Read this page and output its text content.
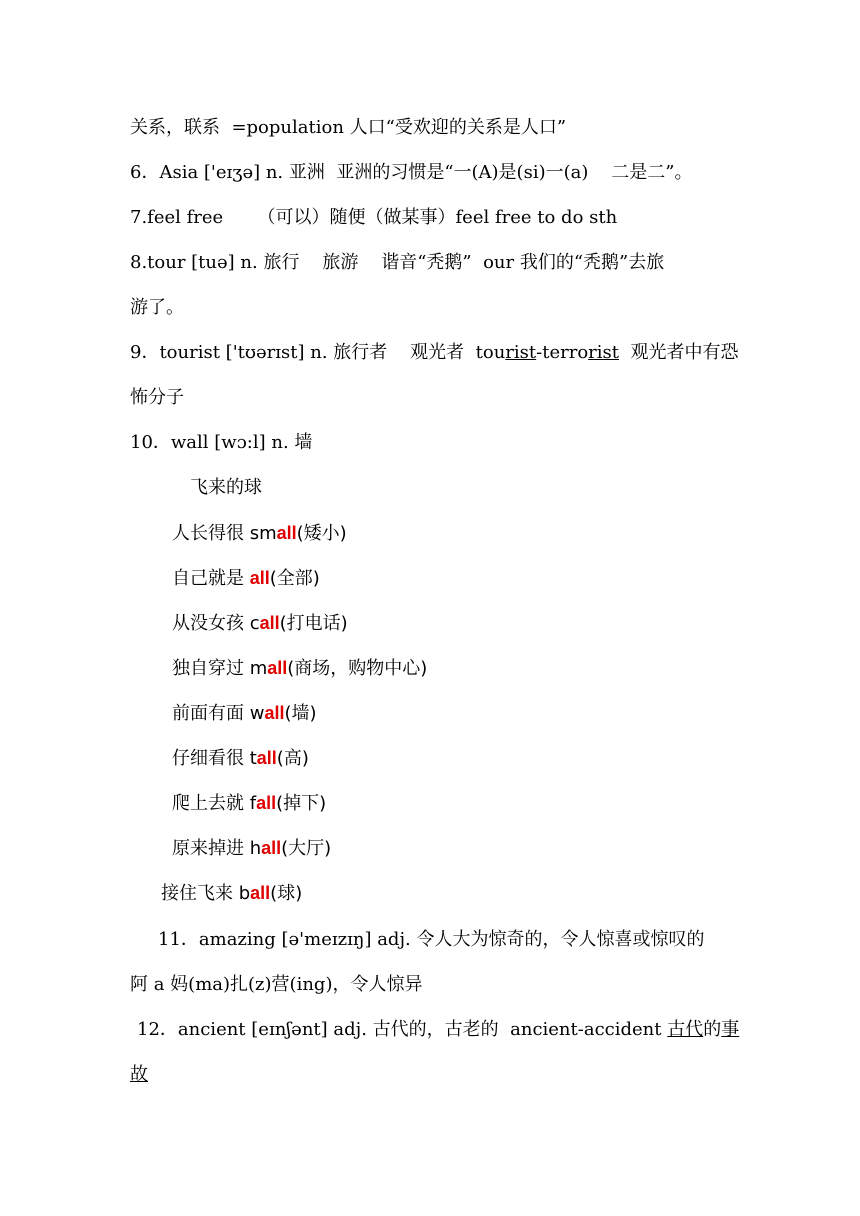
关系，联系  =population 人口“受欢迎的关系是人口”
6．Asia ['eɪʒə] n. 亚洲  亚洲的习惯是“一(A)是(si)一(a)    二是二”。
7.feel free      （可以）随便（做某事）feel free to do sth
8.tour [tuə] n. 旅行    旅游    谐音“秃鹅”  our 我们的“秃鹅”去旅
游了。
9．tourist ['tʊərɪst] n. 旅行者    观光者  tourist-terrorist  观光者中有恐
怖分子
10．wall [wɔ:l] n. 墙
飞来的球
人长得很 small(矮小)
自己就是 all(全部)
从没女孩 call(打电话)
独自穿过 mall(商场，购物中心)
前面有面 wall(墙)
仔细看很 tall(高)
爬上去就 fall(掉下)
原来掉进 hall(大厅)
接住飞来 ball(球)
11．amazing [ə'meɪzɪŋ] adj. 令人大为惊奇的，令人惊喜或惊叹的
阿 a 妈(ma)扎(z)营(ing)，令人惊异
12．ancient [eɪnʃənt] adj. 古代的，古老的  ancient-accident 古代的事
故
